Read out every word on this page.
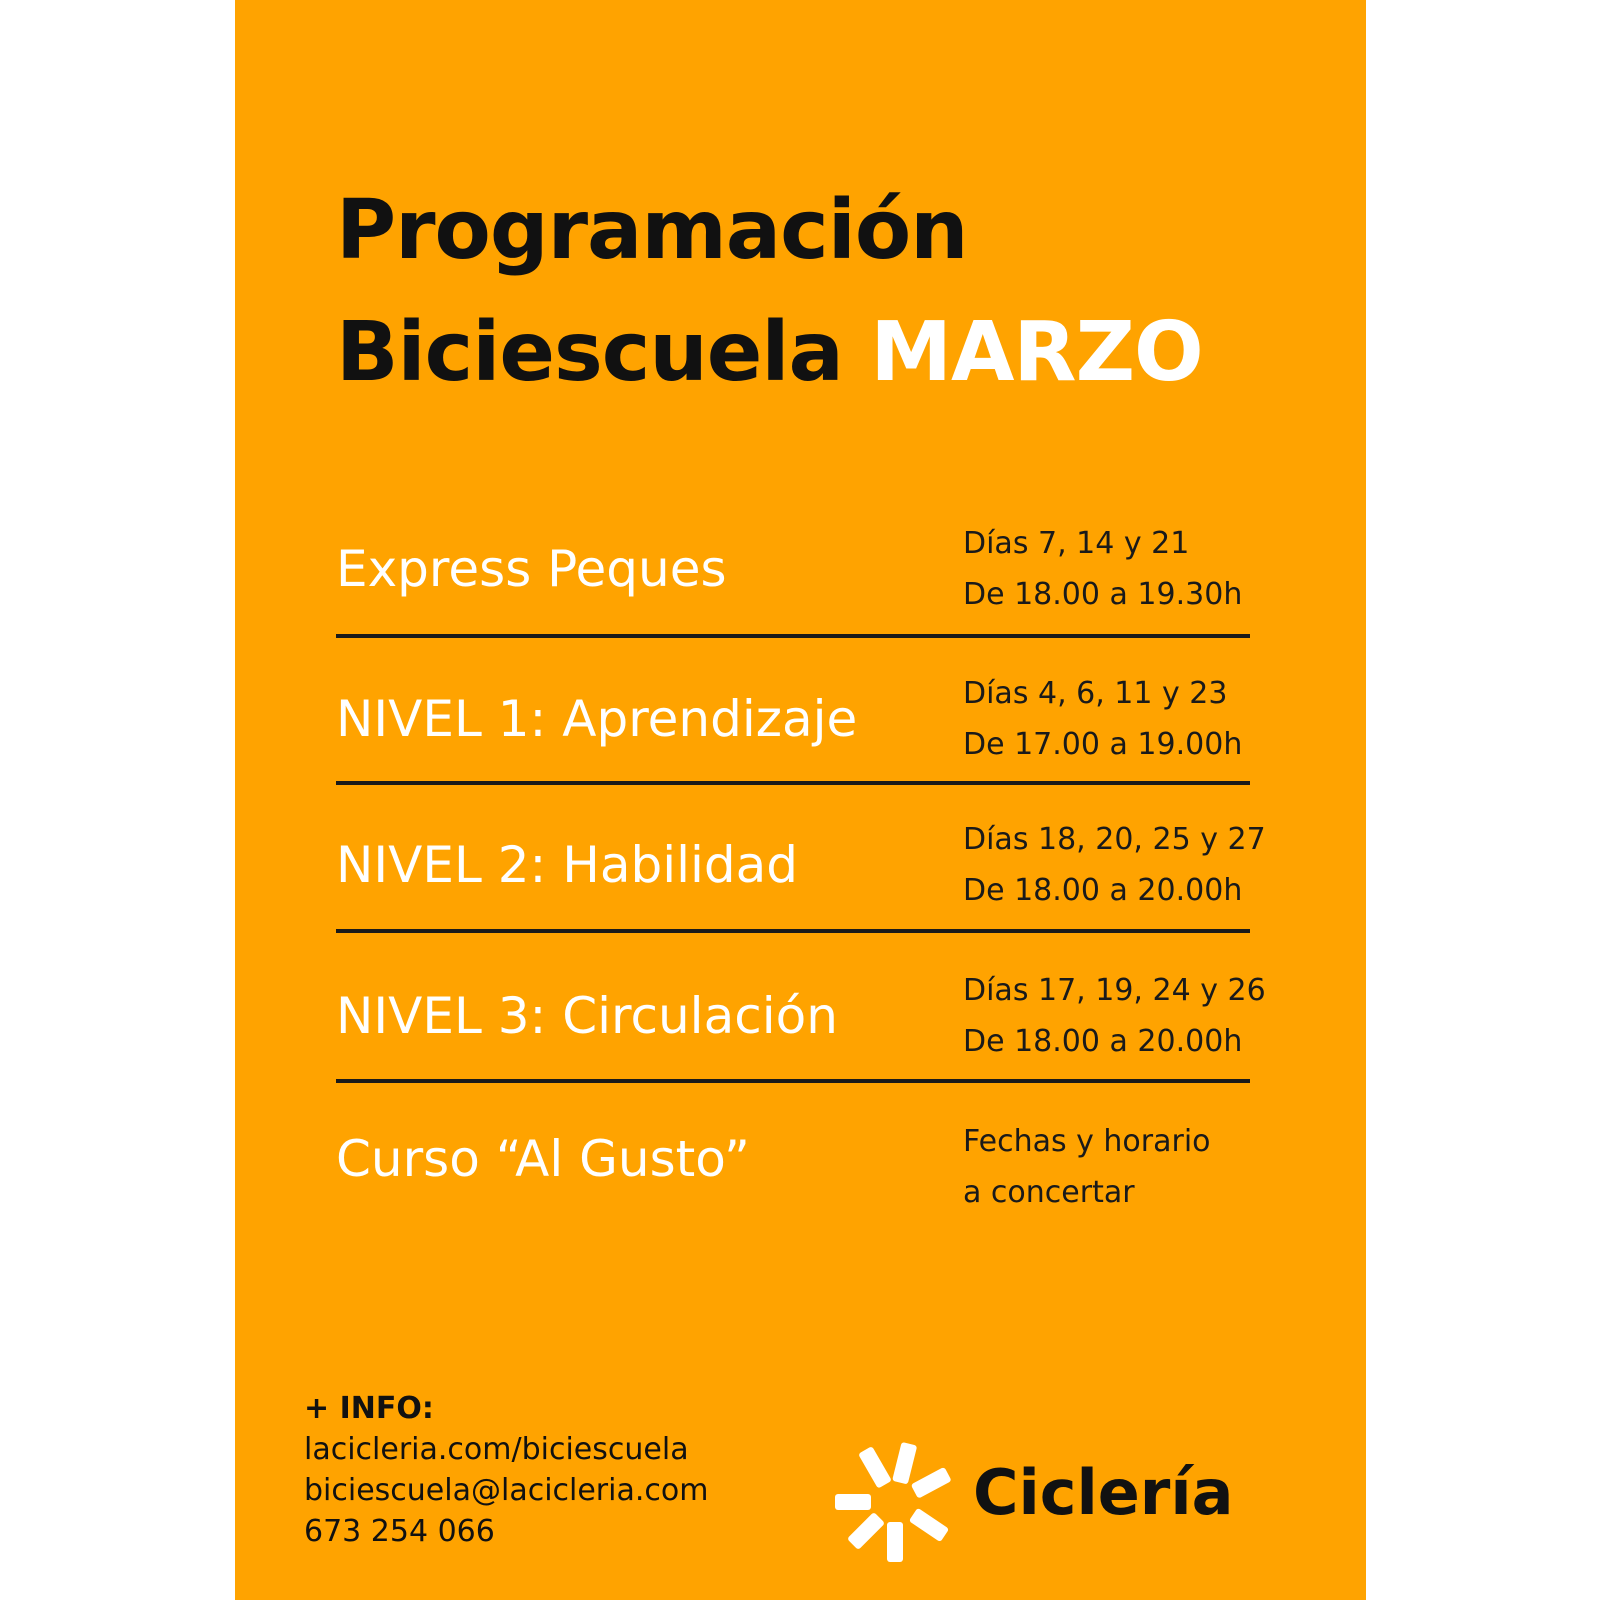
Programación
Biciescuela MARZO
Express Peques	Días 7, 14 y 21
De 18.00 a 19.30h
NIVEL 1: Aprendizaje	Días 4, 6, 11 y 23
De 17.00 a 19.00h
NIVEL 2: Habilidad	Días 18, 20, 25 y 27
De 18.00 a 20.00h
NIVEL 3: Circulación	Días 17, 19, 24 y 26
De 18.00 a 20.00h
Curso “Al Gusto”	Fechas y horario
a concertar
+ INFO:
lacicleria.com/biciescuela
biciescuela@lacicleria.com
673 254 066
Ciclería
